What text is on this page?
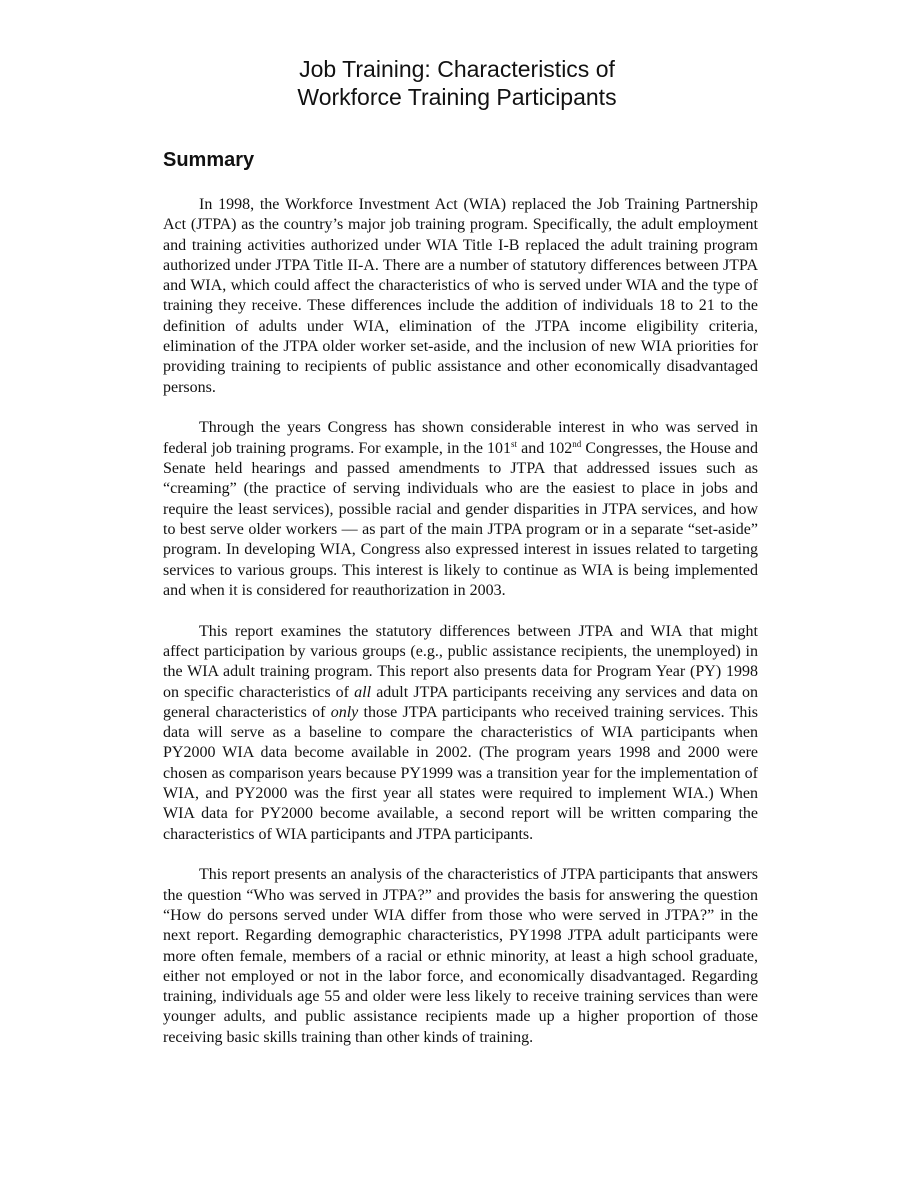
Job Training: Characteristics of
Workforce Training Participants
Summary

In 1998, the Workforce Investment Act (WIA) replaced the Job Training Partnership Act (JTPA) as the country’s major job training program. Specifically, the adult employment and training activities authorized under WIA Title I-B replaced the adult training program authorized under JTPA Title II-A. There are a number of statutory differences between JTPA and WIA, which could affect the characteristics of who is served under WIA and the type of training they receive. These differences include the addition of individuals 18 to 21 to the definition of adults under WIA, elimination of the JTPA income eligibility criteria, elimination of the JTPA older worker set-aside, and the inclusion of new WIA priorities for providing training to recipients of public assistance and other economically disadvantaged persons.

Through the years Congress has shown considerable interest in who was served in federal job training programs. For example, in the 101st and 102nd Congresses, the House and Senate held hearings and passed amendments to JTPA that addressed issues such as “creaming” (the practice of serving individuals who are the easiest to place in jobs and require the least services), possible racial and gender disparities in JTPA services, and how to best serve older workers — as part of the main JTPA program or in a separate “set-aside” program. In developing WIA, Congress also expressed interest in issues related to targeting services to various groups. This interest is likely to continue as WIA is being implemented and when it is considered for reauthorization in 2003.

This report examines the statutory differences between JTPA and WIA that might affect participation by various groups (e.g., public assistance recipients, the unemployed) in the WIA adult training program. This report also presents data for Program Year (PY) 1998 on specific characteristics of all adult JTPA participants receiving any services and data on general characteristics of only those JTPA participants who received training services. This data will serve as a baseline to compare the characteristics of WIA participants when PY2000 WIA data become available in 2002. (The program years 1998 and 2000 were chosen as comparison years because PY1999 was a transition year for the implementation of WIA, and PY2000 was the first year all states were required to implement WIA.) When WIA data for PY2000 become available, a second report will be written comparing the characteristics of WIA participants and JTPA participants.

This report presents an analysis of the characteristics of JTPA participants that answers the question “Who was served in JTPA?” and provides the basis for answering the question “How do persons served under WIA differ from those who were served in JTPA?” in the next report. Regarding demographic characteristics, PY1998 JTPA adult participants were more often female, members of a racial or ethnic minority, at least a high school graduate, either not employed or not in the labor force, and economically disadvantaged. Regarding training, individuals age 55 and older were less likely to receive training services than were younger adults, and public assistance recipients made up a higher proportion of those receiving basic skills training than other kinds of training.
